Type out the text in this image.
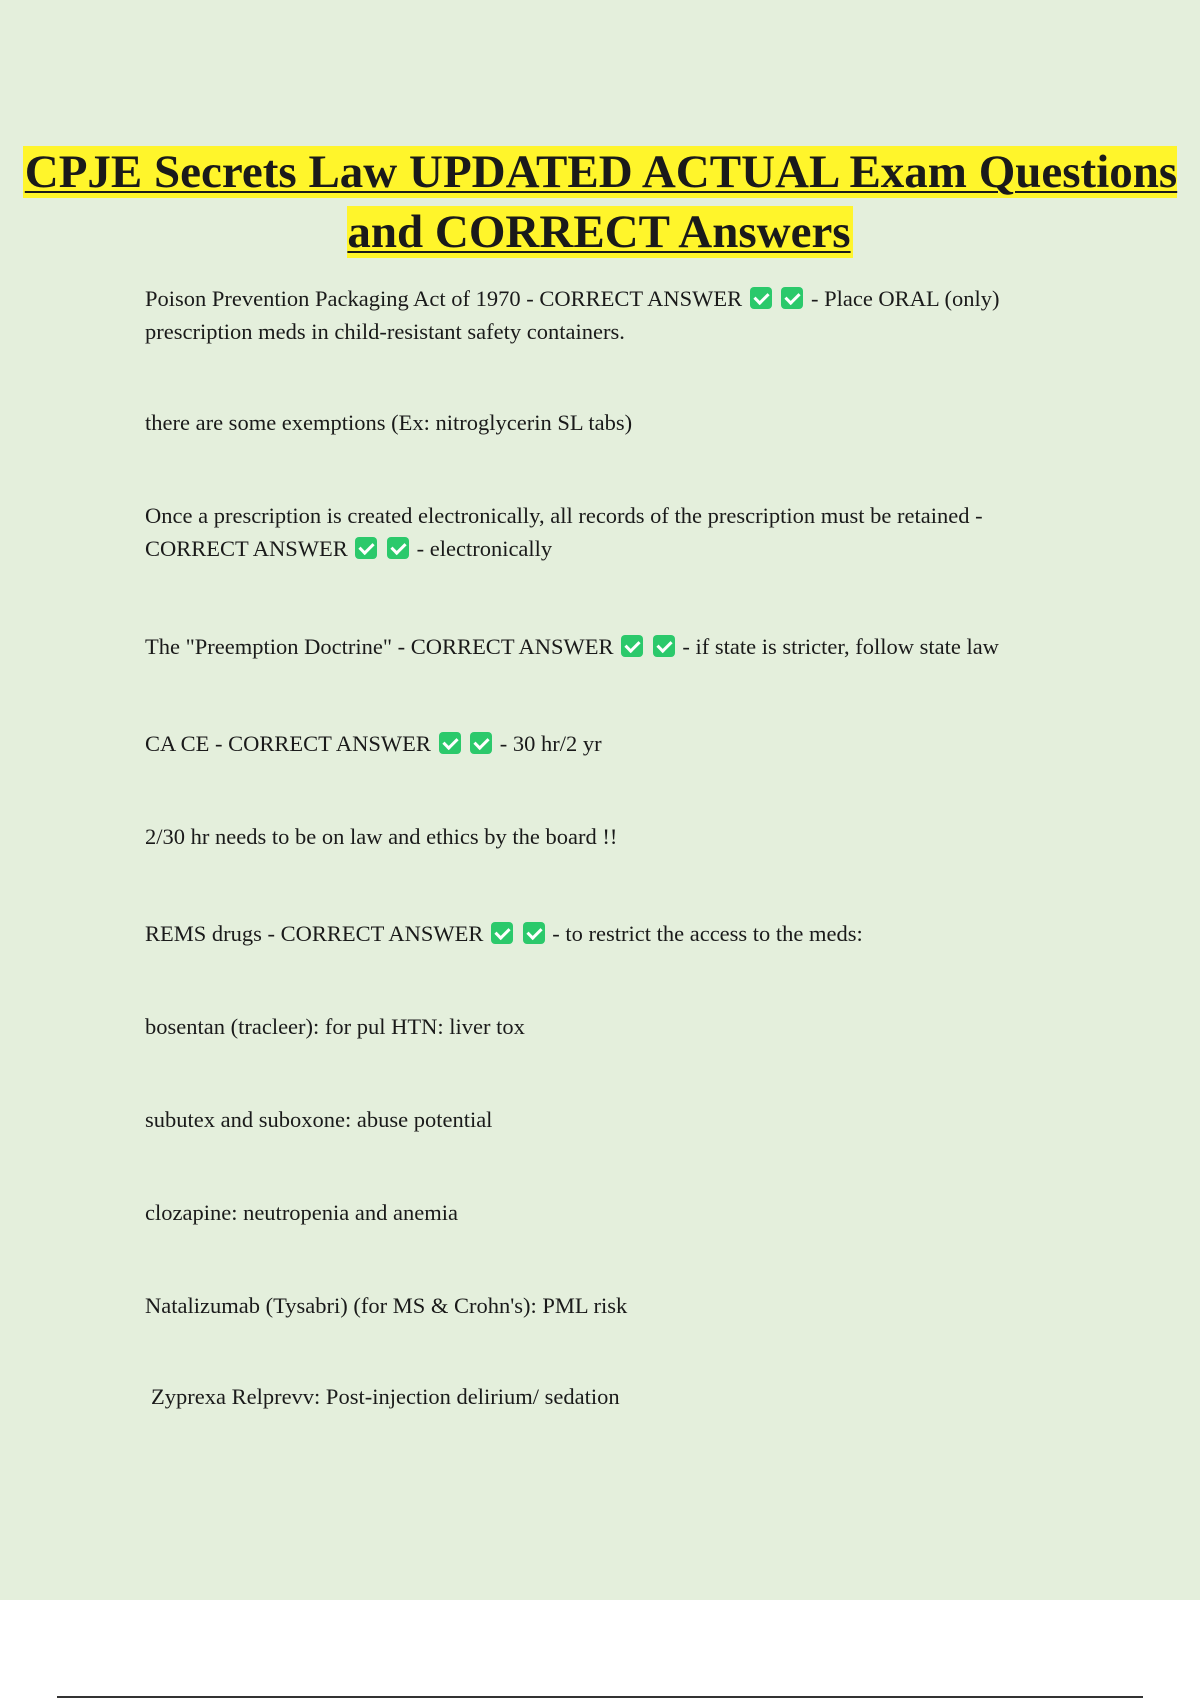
CPJE Secrets Law UPDATED ACTUAL Exam Questions and CORRECT Answers

Poison Prevention Packaging Act of 1970 - CORRECT ANSWER	- Place ORAL (only) prescription meds in child-resistant safety containers.

there are some exemptions (Ex: nitroglycerin SL tabs)

Once a prescription is created electronically, all records of the prescription must be retained - CORRECT ANSWER	- electronically

The "Preemption Doctrine" - CORRECT ANSWER	- if state is stricter, follow state law

CA CE - CORRECT ANSWER	- 30 hr/2 yr

2/30 hr needs to be on law and ethics by the board !!

REMS drugs - CORRECT ANSWER	- to restrict the access to the meds:

bosentan (tracleer): for pul HTN: liver tox

subutex and suboxone: abuse potential

clozapine: neutropenia and anemia

Natalizumab (Tysabri) (for MS & Crohn's): PML risk

Zyprexa Relprevv: Post-injection delirium/ sedation
